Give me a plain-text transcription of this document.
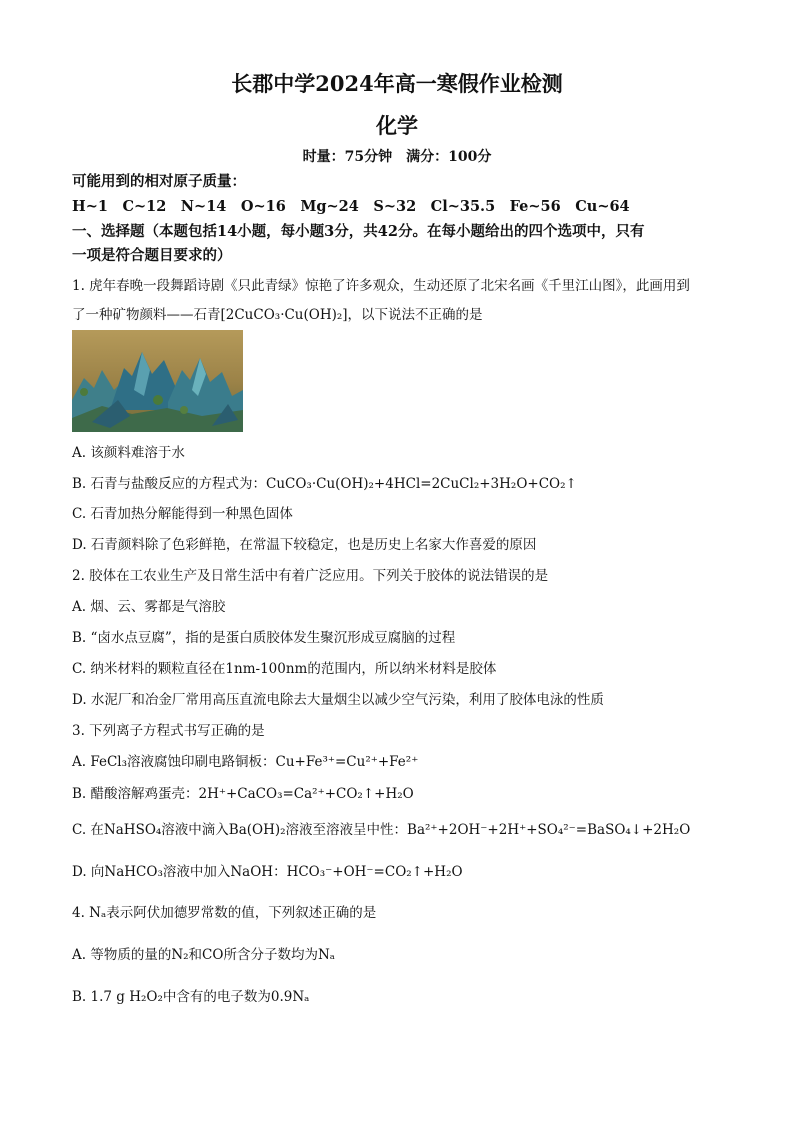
长郡中学2024年高一寒假作业检测
化学
时量：75分钟　满分：100分
可能用到的相对原子质量：
H~1　C~12　N~14　O~16　Mg~24　S~32　Cl~35.5　Fe~56　Cu~64
一、选择题（本题包括14小题，每小题3分，共42分。在每小题给出的四个选项中，只有
一项是符合题目要求的）
1. 虎年春晚一段舞蹈诗剧《只此青绿》惊艳了许多观众，生动还原了北宋名画《千里江山图》，此画用到
了一种矿物颜料——石青[2CuCO₃·Cu(OH)₂]，以下说法不正确的是
A. 该颜料难溶于水
B. 石青与盐酸反应的方程式为：CuCO₃·Cu(OH)₂+4HCl=2CuCl₂+3H₂O+CO₂↑
C. 石青加热分解能得到一种黑色固体
D. 石青颜料除了色彩鲜艳，在常温下较稳定，也是历史上名家大作喜爱的原因
2. 胶体在工农业生产及日常生活中有着广泛应用。下列关于胶体的说法错误的是
A. 烟、云、雾都是气溶胶
B. “卤水点豆腐”，指的是蛋白质胶体发生聚沉形成豆腐脑的过程
C. 纳米材料的颗粒直径在1nm-100nm的范围内，所以纳米材料是胶体
D. 水泥厂和冶金厂常用高压直流电除去大量烟尘以减少空气污染，利用了胶体电泳的性质
3. 下列离子方程式书写正确的是
A. FeCl₃溶液腐蚀印刷电路铜板：Cu+Fe³⁺=Cu²⁺+Fe²⁺
B. 醋酸溶解鸡蛋壳：2H⁺+CaCO₃=Ca²⁺+CO₂↑+H₂O
C. 在NaHSO₄溶液中滴入Ba(OH)₂溶液至溶液呈中性：Ba²⁺+2OH⁻+2H⁺+SO₄²⁻=BaSO₄↓+2H₂O
D. 向NaHCO₃溶液中加入NaOH：HCO₃⁻+OH⁻=CO₂↑+H₂O
4. Nₐ表示阿伏加德罗常数的值，下列叙述正确的是
A. 等物质的量的N₂和CO所含分子数均为Nₐ
B. 1.7 g H₂O₂中含有的电子数为0.9Nₐ
